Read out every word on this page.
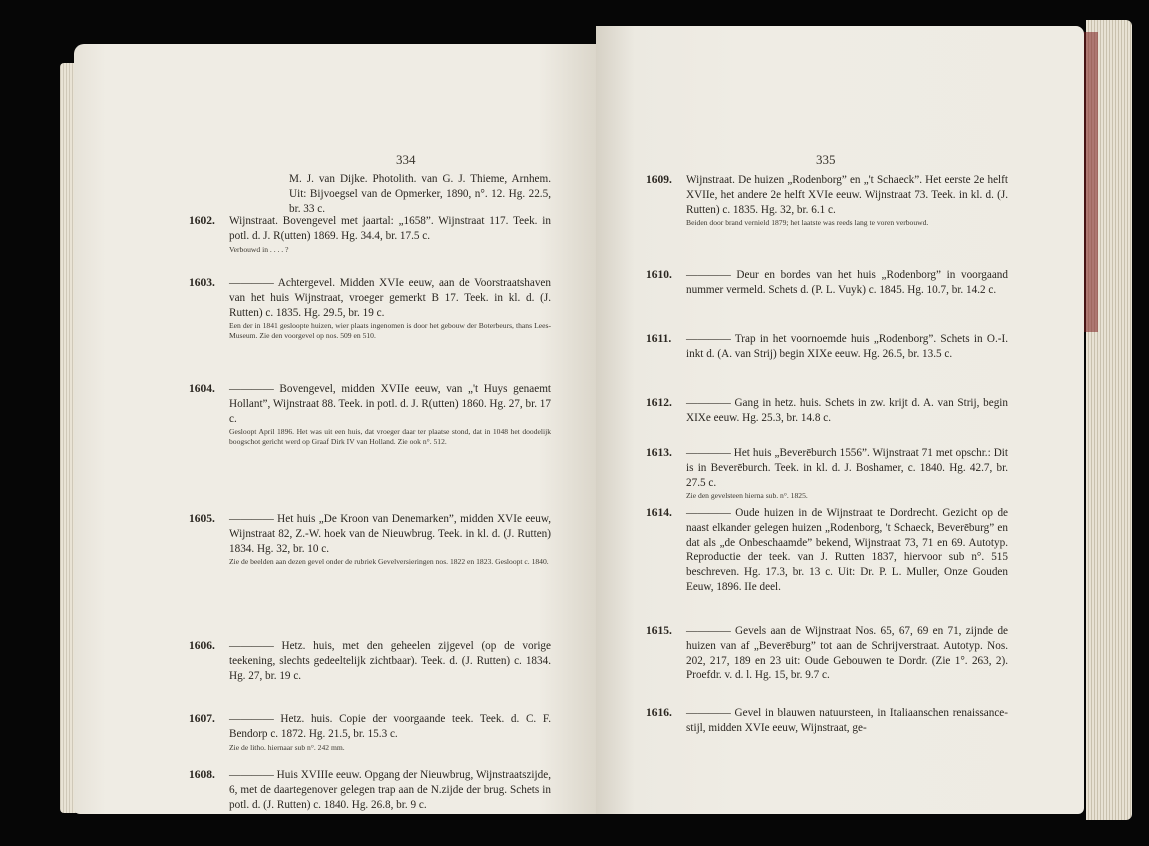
334

M. J. van Dijke. Photolith. van G. J. Thieme, Arnhem. Uit: Bijvoegsel van de Opmerker, 1890, n°. 12. Hg. 22.5, br. 33 c.

1602. Wijnstraat. Bovengevel met jaartal: „1658”. Wijnstraat 117. Teek. in potl. d. J. R(utten) 1869. Hg. 34.4, br. 17.5 c.

Verbouwd in . . . . ?

1603. ———— Achtergevel. Midden XVIe eeuw, aan de Voorstraatshaven van het huis Wijnstraat, vroeger gemerkt B 17. Teek. in kl. d. (J. Rutten) c. 1835. Hg. 29.5, br. 19 c.

Een der in 1841 gesloopte huizen, wier plaats ingenomen is door het gebouw der Boterbeurs, thans Lees-Museum. Zie den voorgevel op nos. 509 en 510.

1604. ———— Bovengevel, midden XVIIe eeuw, van „'t Huys genaemt Hollant”, Wijnstraat 88. Teek. in potl. d. J. R(utten) 1860. Hg. 27, br. 17 c.

Gesloopt April 1896. Het was uit een huis, dat vroeger daar ter plaatse stond, dat in 1048 het doodelijk boogschot gericht werd op Graaf Dirk IV van Holland. Zie ook n°. 512.

1605. ———— Het huis „De Kroon van Denemarken”, midden XVIe eeuw, Wijnstraat 82, Z.-W. hoek van de Nieuwbrug. Teek. in kl. d. (J. Rutten) 1834. Hg. 32, br. 10 c.

Zie de beelden aan dezen gevel onder de rubriek Gevelversieringen nos. 1822 en 1823. Gesloopt c. 1840.

1606. ———— Hetz. huis, met den geheelen zijgevel (op de vorige teekening, slechts gedeeltelijk zichtbaar). Teek. d. (J. Rutten) c. 1834. Hg. 27, br. 19 c.

1607. ———— Hetz. huis. Copie der voorgaande teek. Teek. d. C. F. Bendorp c. 1872. Hg. 21.5, br. 15.3 c.

Zie de litho. hiernaar sub n°. 242 mm.

1608. ———— Huis XVIIIe eeuw. Opgang der Nieuwbrug, Wijnstraatszijde, 6, met de daartegenover gelegen trap aan de N.zijde der brug. Schets in potl. d. (J. Rutten) c. 1840. Hg. 26.8, br. 9 c.

335
1609. Wijnstraat. De huizen „Rodenborg” en „'t Schaeck”. Het eerste 2e helft XVIIe, het andere 2e helft XVIe eeuw. Wijnstraat 73. Teek. in kl. d. (J. Rutten) c. 1835. Hg. 32, br. 6.1 c.

Beiden door brand vernield 1879; het laatste was reeds lang te voren verbouwd.

1610. ———— Deur en bordes van het huis „Rodenborg” in voorgaand nummer vermeld. Schets d. (P. L. Vuyk) c. 1845. Hg. 10.7, br. 14.2 c.

1611. ———— Trap in het voornoemde huis „Rodenborg”. Schets in O.-I. inkt d. (A. van Strij) begin XIXe eeuw. Hg. 26.5, br. 13.5 c.

1612. ———— Gang in hetz. huis. Schets in zw. krijt d. A. van Strij, begin XIXe eeuw. Hg. 25.3, br. 14.8 c.

1613. ———— Het huis „Beverēburch 1556”. Wijnstraat 71 met opschr.: Dit is in Beverēburch. Teek. in kl. d. J. Boshamer, c. 1840. Hg. 42.7, br. 27.5 c.

Zie den gevelsteen hierna sub. n°. 1825.

1614. ———— Oude huizen in de Wijnstraat te Dordrecht. Gezicht op de naast elkander gelegen huizen „Rodenborg, 't Schaeck, Beverēburg” en dat als „de Onbeschaamde” bekend, Wijnstraat 73, 71 en 69. Autotyp. Reproductie der teek. van J. Rutten 1837, hiervoor sub n°. 515 beschreven. Hg. 17.3, br. 13 c. Uit: Dr. P. L. Muller, Onze Gouden Eeuw, 1896. IIe deel.

1615. ———— Gevels aan de Wijnstraat Nos. 65, 67, 69 en 71, zijnde de huizen van af „Beverēburg” tot aan de Schrijverstraat. Autotyp. Nos. 202, 217, 189 en 23 uit: Oude Gebouwen te Dordr. (Zie 1°. 263, 2). Proefdr. v. d. l. Hg. 15, br. 9.7 c.

1616. ———— Gevel in blauwen natuursteen, in Italiaanschen renaissance-stijl, midden XVIe eeuw, Wijnstraat, ge-
